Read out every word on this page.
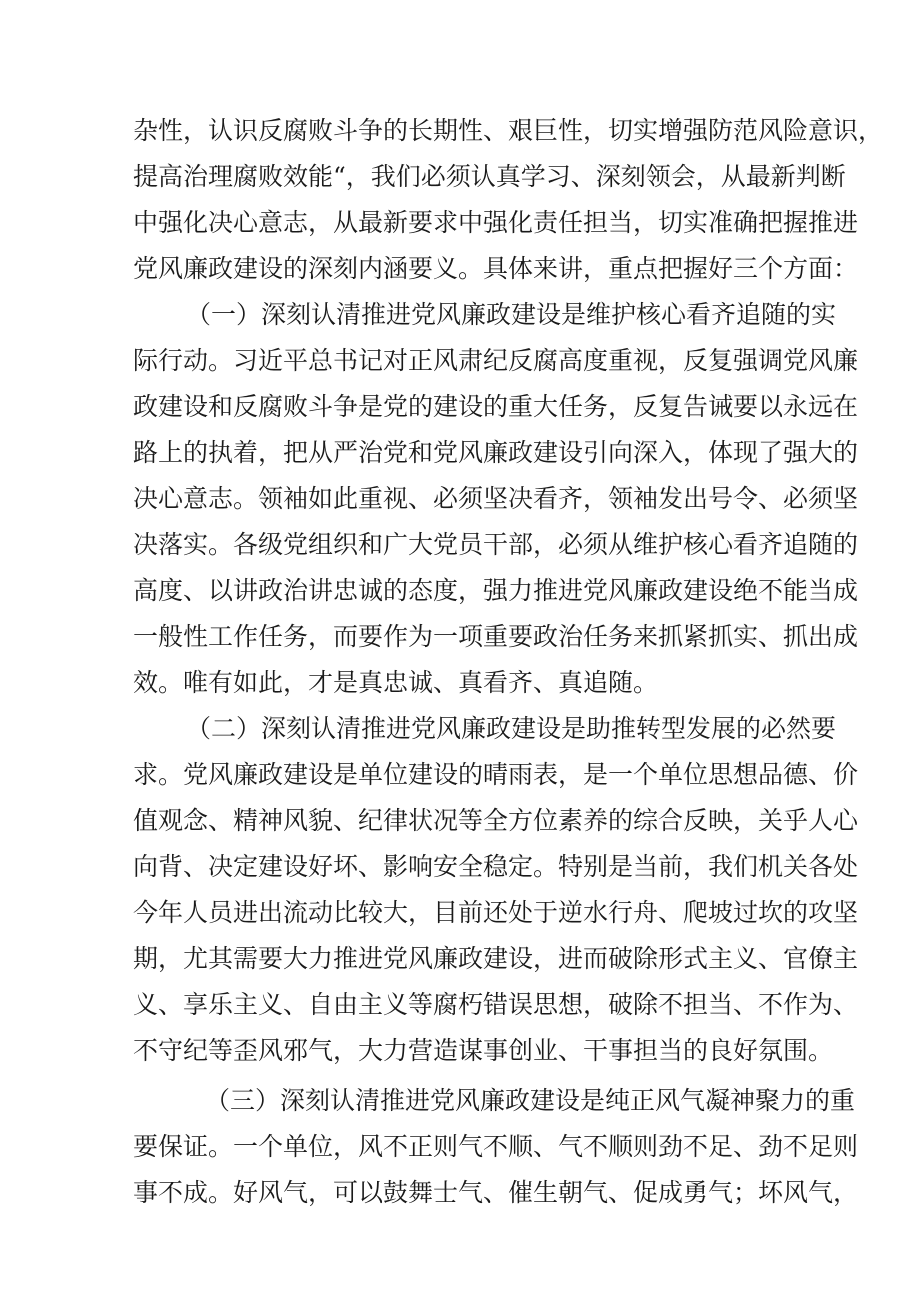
杂性，认识反腐败斗争的长期性、艰巨性，切实增强防范风险意识，

提高治理腐败效能“，我们必须认真学习、深刻领会，从最新判断

中强化决心意志，从最新要求中强化责任担当，切实准确把握推进

党风廉政建设的深刻内涵要义。具体来讲，重点把握好三个方面：

（一）深刻认清推进党风廉政建设是维护核心看齐追随的实

际行动。习近平总书记对正风肃纪反腐高度重视，反复强调党风廉

政建设和反腐败斗争是党的建设的重大任务，反复告诫要以永远在

路上的执着，把从严治党和党风廉政建设引向深入，体现了强大的

决心意志。领袖如此重视、必须坚决看齐，领袖发出号令、必须坚

决落实。各级党组织和广大党员干部，必须从维护核心看齐追随的

高度、以讲政治讲忠诚的态度，强力推进党风廉政建设绝不能当成

一般性工作任务，而要作为一项重要政治任务来抓紧抓实、抓出成

效。唯有如此，才是真忠诚、真看齐、真追随。

（二）深刻认清推进党风廉政建设是助推转型发展的必然要

求。党风廉政建设是单位建设的晴雨表，是一个单位思想品德、价

值观念、精神风貌、纪律状况等全方位素养的综合反映，关乎人心

向背、决定建设好坏、影响安全稳定。特别是当前，我们机关各处

今年人员进出流动比较大，目前还处于逆水行舟、爬坡过坎的攻坚

期，尤其需要大力推进党风廉政建设，进而破除形式主义、官僚主

义、享乐主义、自由主义等腐朽错误思想，破除不担当、不作为、

不守纪等歪风邪气，大力营造谋事创业、干事担当的良好氛围。

（三）深刻认清推进党风廉政建设是纯正风气凝神聚力的重

要保证。一个单位，风不正则气不顺、气不顺则劲不足、劲不足则

事不成。好风气，可以鼓舞士气、催生朝气、促成勇气；坏风气，
